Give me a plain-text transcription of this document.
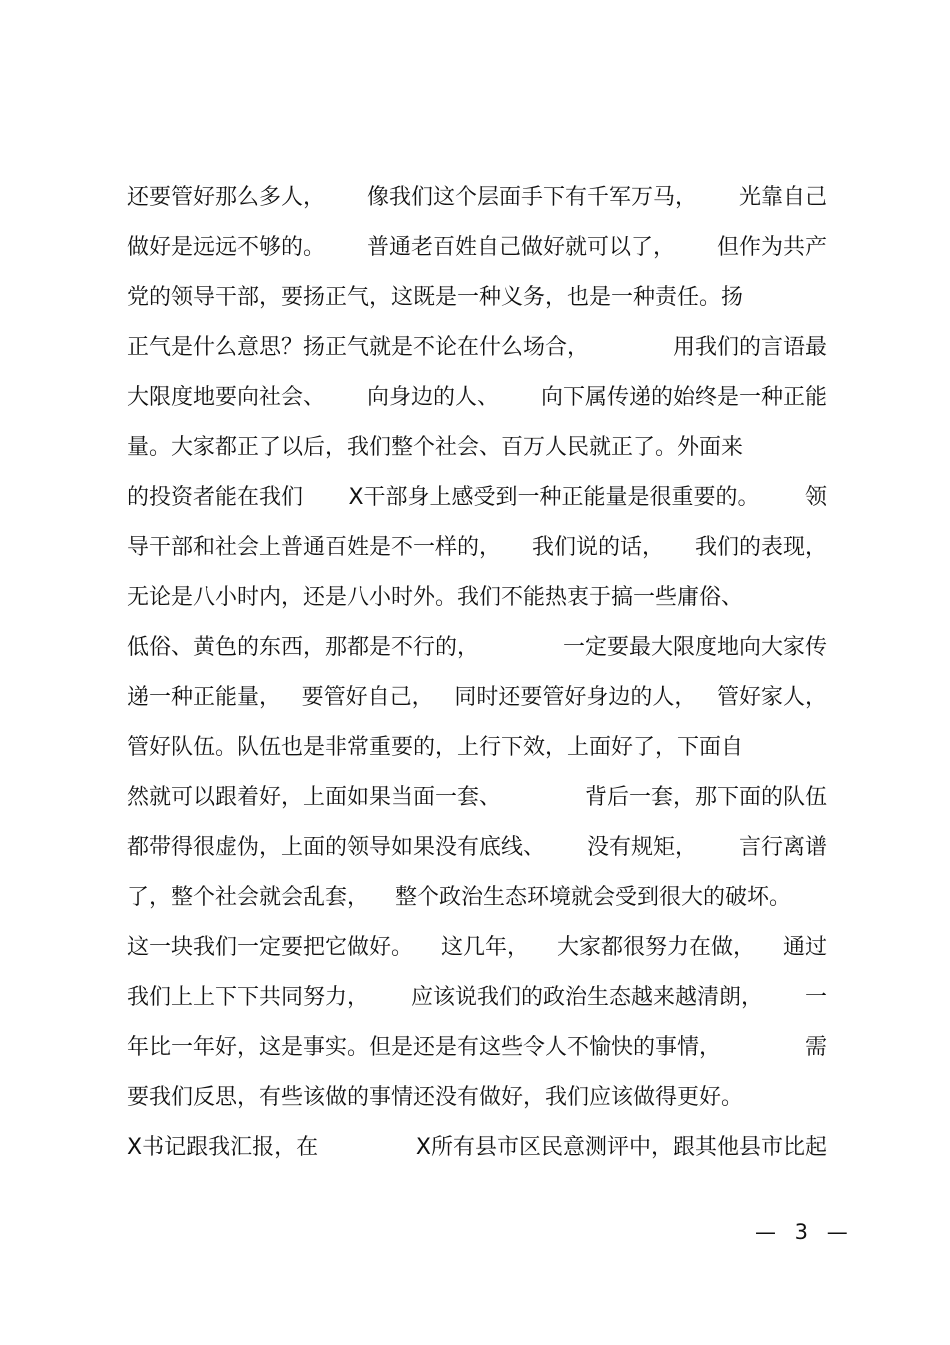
还要管好那么多人， 像我们这个层面手下有千军万马， 光靠自己
做好是远远不够的。 普通老百姓自己做好就可以了， 但作为共产
党的领导干部，要扬正气，这既是一种义务，也是一种责任。扬
正气是什么意思？扬正气就是不论在什么场合，	用我们的言语最
大限度地要向社会、 向身边的人、 向下属传递的始终是一种正能
量。大家都正了以后，我们整个社会、百万人民就正了。外面来
的投资者能在我们 X干部身上感受到一种正能量是很重要的。 领
导干部和社会上普通百姓是不一样的， 我们说的话， 我们的表现，
无论是八小时内，还是八小时外。我们不能热衷于搞一些庸俗、
低俗、黄色的东西，那都是不行的，	一定要最大限度地向大家传
递一种正能量， 要管好自己， 同时还要管好身边的人， 管好家人，
管好队伍。队伍也是非常重要的，上行下效，上面好了，下面自
然就可以跟着好，上面如果当面一套、	背后一套，那下面的队伍
都带得很虚伪，上面的领导如果没有底线、 没有规矩， 言行离谱
了，整个社会就会乱套， 整个政治生态环境就会受到很大的破坏。
这一块我们一定要把它做好。 这几年， 大家都很努力在做， 通过
我们上上下下共同努力， 应该说我们的政治生态越来越清朗， 一
年比一年好，这是事实。但是还是有这些令人不愉快的事情，	需
要我们反思，有些该做的事情还没有做好，我们应该做得更好。
X书记跟我汇报，在	X所有县市区民意测评中，跟其他县市比起
— 3 —
